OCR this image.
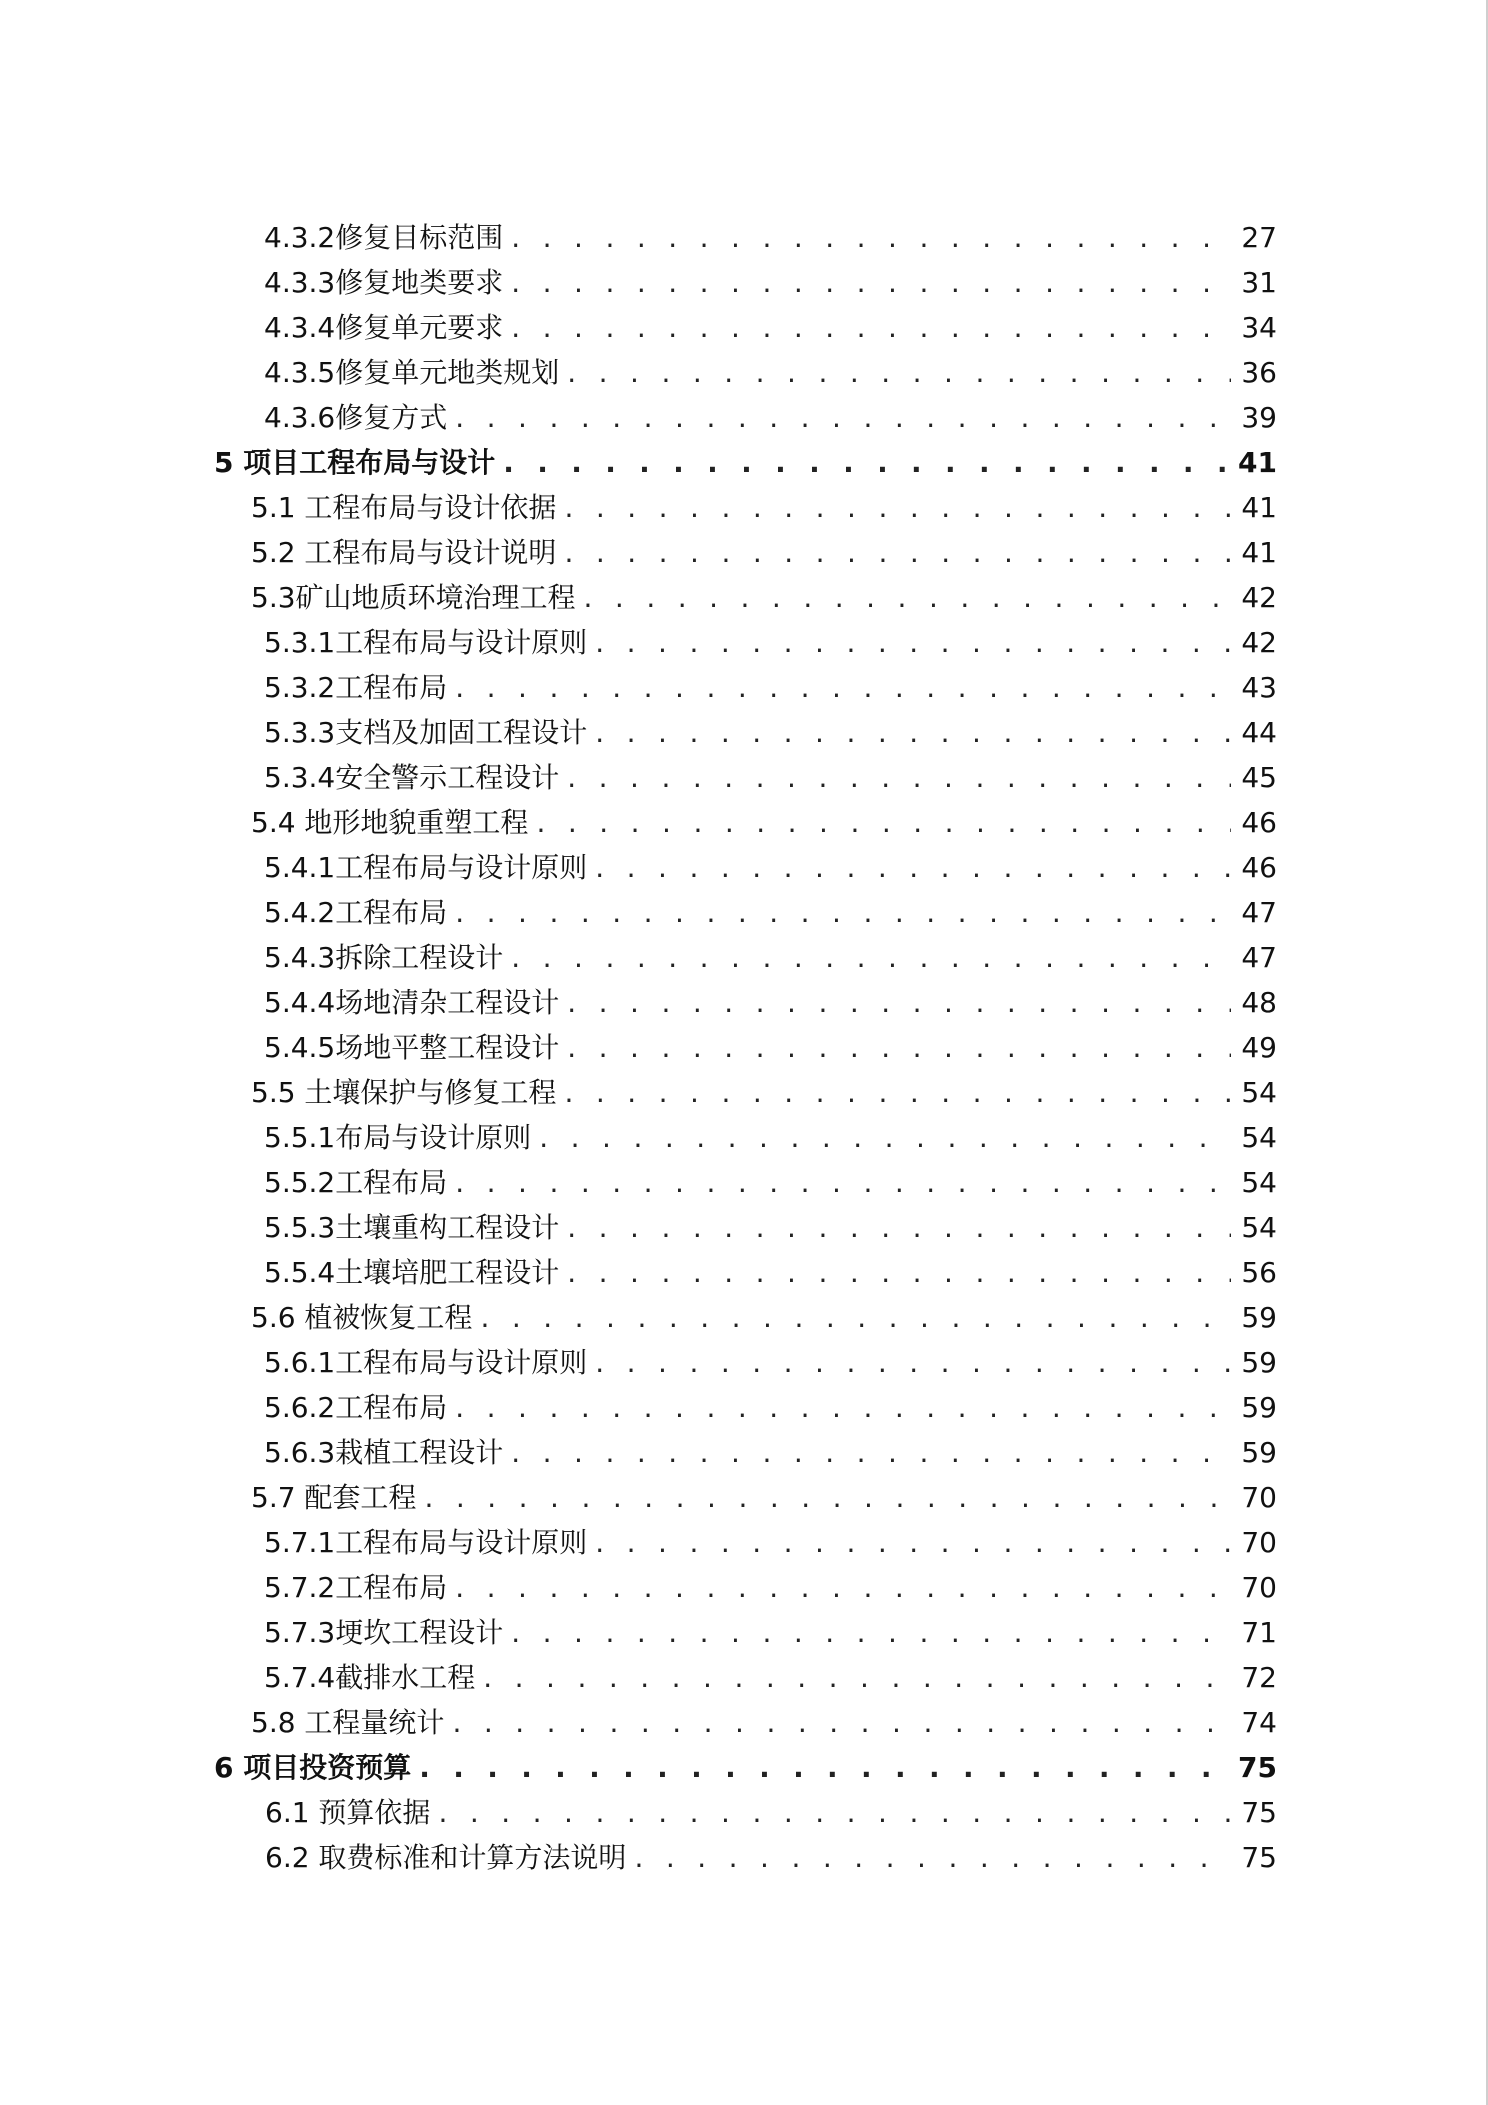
4.3.2修复目标范围 . . .	27
4.3.3修复地类要求 . . .	31
4.3.4修复单元要求 . . .	34
4.3.5修复单元地类规划 . . .	36
4.3.6修复方式 . . .	39
5 项目工程布局与设计 . . .	41
5.1 工程布局与设计依据 . . .	41
5.2 工程布局与设计说明 . . .	41
5.3矿山地质环境治理工程 . . .	42
5.3.1工程布局与设计原则 . . .	42
5.3.2工程布局 . . .	43
5.3.3支档及加固工程设计 . . .	44
5.3.4安全警示工程设计 . . .	45
5.4 地形地貌重塑工程 . . .	46
5.4.1工程布局与设计原则 . . .	46
5.4.2工程布局 . . .	47
5.4.3拆除工程设计 . . .	47
5.4.4场地清杂工程设计 . . .	48
5.4.5场地平整工程设计 . . .	49
5.5 土壤保护与修复工程 . . .	54
5.5.1布局与设计原则 . . .	54
5.5.2工程布局 . . .	54
5.5.3土壤重构工程设计 . . .	54
5.5.4土壤培肥工程设计 . . .	56
5.6 植被恢复工程 . . .	59
5.6.1工程布局与设计原则 . . .	59
5.6.2工程布局 . . .	59
5.6.3栽植工程设计 . . .	59
5.7 配套工程 . . .	70
5.7.1工程布局与设计原则 . . .	70
5.7.2工程布局 . . .	70
5.7.3埂坎工程设计 . . .	71
5.7.4截排水工程 . . .	72
5.8 工程量统计 . . .	74
6 项目投资预算 . . .	75
6.1 预算依据 . . .	75
6.2 取费标准和计算方法说明 . . .	75
